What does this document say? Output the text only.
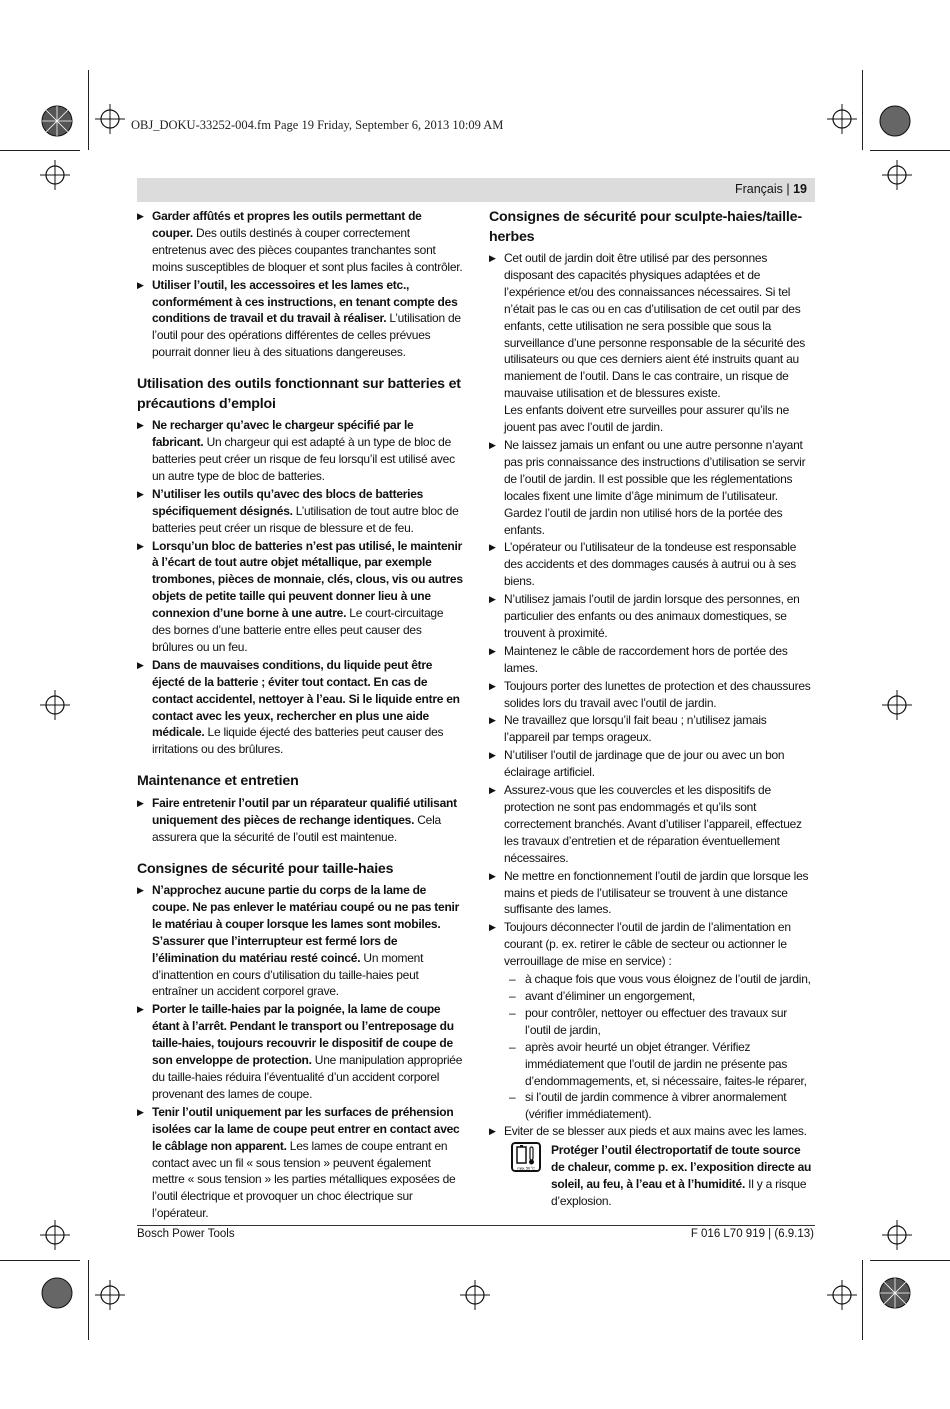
OBJ_DOKU-33252-004.fm Page 19 Friday, September 6, 2013 10:09 AM
Français | 19
▶ Garder affûtés et propres les outils permettant de couper. Des outils destinés à couper correctement entretenus avec des pièces coupantes tranchantes sont moins susceptibles de bloquer et sont plus faciles à contrôler.
▶ Utiliser l’outil, les accessoires et les lames etc., conformément à ces instructions, en tenant compte des conditions de travail et du travail à réaliser. L’utilisation de l’outil pour des opérations différentes de celles prévues pourrait donner lieu à des situations dangereuses.
Utilisation des outils fonctionnant sur batteries et précautions d’emploi
▶ Ne recharger qu’avec le chargeur spécifié par le fabricant. Un chargeur qui est adapté à un type de bloc de batteries peut créer un risque de feu lorsqu’il est utilisé avec un autre type de bloc de batteries.
▶ N’utiliser les outils qu’avec des blocs de batteries spécifiquement désignés. L’utilisation de tout autre bloc de batteries peut créer un risque de blessure et de feu.
▶ Lorsqu’un bloc de batteries n’est pas utilisé, le maintenir à l’écart de tout autre objet métallique, par exemple trombones, pièces de monnaie, clés, clous, vis ou autres objets de petite taille qui peuvent donner lieu à une connexion d’une borne à une autre. Le court-circuitage des bornes d’une batterie entre elles peut causer des brûlures ou un feu.
▶ Dans de mauvaises conditions, du liquide peut être éjecté de la batterie ; éviter tout contact. En cas de contact accidentel, nettoyer à l’eau. Si le liquide entre en contact avec les yeux, rechercher en plus une aide médicale. Le liquide éjecté des batteries peut causer des irritations ou des brûlures.
Maintenance et entretien
▶ Faire entretenir l’outil par un réparateur qualifié utilisant uniquement des pièces de rechange identiques. Cela assurera que la sécurité de l’outil est maintenue.
Consignes de sécurité pour taille-haies
▶ N’approchez aucune partie du corps de la lame de coupe. Ne pas enlever le matériau coupé ou ne pas tenir le matériau à couper lorsque les lames sont mobiles. S’assurer que l’interrupteur est fermé lors de l’élimination du matériau resté coincé. Un moment d’inattention en cours d’utilisation du taille-haies peut entraîner un accident corporel grave.
▶ Porter le taille-haies par la poignée, la lame de coupe étant à l’arrêt. Pendant le transport ou l’entreposage du taille-haies, toujours recouvrir le dispositif de coupe de son enveloppe de protection. Une manipulation appropriée du taille-haies réduira l’éventualité d’un accident corporel provenant des lames de coupe.
▶ Tenir l’outil uniquement par les surfaces de préhension isolées car la lame de coupe peut entrer en contact avec le câblage non apparent. Les lames de coupe entrant en contact avec un fil « sous tension » peuvent également mettre « sous tension » les parties métalliques exposées de l’outil électrique et provoquer un choc électrique sur l’opérateur.
Consignes de sécurité pour sculpte-haies/taille-herbes
▶ Cet outil de jardin doit être utilisé par des personnes disposant des capacités physiques adaptées et de l’expérience et/ou des connaissances nécessaires. Si tel n’était pas le cas ou en cas d’utilisation de cet outil par des enfants, cette utilisation ne sera possible que sous la surveillance d’une personne responsable de la sécurité des utilisateurs ou que ces derniers aient été instruits quant au maniement de l’outil. Dans le cas contraire, un risque de mauvaise utilisation et de blessures existe.
Les enfants doivent etre surveilles pour assurer qu’ils ne jouent pas avec l’outil de jardin.
▶ Ne laissez jamais un enfant ou une autre personne n’ayant pas pris connaissance des instructions d’utilisation se servir de l’outil de jardin. Il est possible que les réglementations locales fixent une limite d’âge minimum de l’utilisateur. Gardez l’outil de jardin non utilisé hors de la portée des enfants.
▶ L’opérateur ou l’utilisateur de la tondeuse est responsable des accidents et des dommages causés à autrui ou à ses biens.
▶ N’utilisez jamais l’outil de jardin lorsque des personnes, en particulier des enfants ou des animaux domestiques, se trouvent à proximité.
▶ Maintenez le câble de raccordement hors de portée des lames.
▶ Toujours porter des lunettes de protection et des chaussures solides lors du travail avec l’outil de jardin.
▶ Ne travaillez que lorsqu’il fait beau ; n’utilisez jamais l’appareil par temps orageux.
▶ N’utiliser l’outil de jardinage que de jour ou avec un bon éclairage artificiel.
▶ Assurez-vous que les couvercles et les dispositifs de protection ne sont pas endommagés et qu’ils sont correctement branchés. Avant d’utiliser l’appareil, effectuez les travaux d’entretien et de réparation éventuellement nécessaires.
▶ Ne mettre en fonctionnement l’outil de jardin que lorsque les mains et pieds de l’utilisateur se trouvent à une distance suffisante des lames.
▶ Toujours déconnecter l’outil de jardin de l’alimentation en courant (p. ex. retirer le câble de secteur ou actionner le verrouillage de mise en service) :
– à chaque fois que vous vous éloignez de l’outil de jardin,
– avant d’éliminer un engorgement,
– pour contrôler, nettoyer ou effectuer des travaux sur l’outil de jardin,
– après avoir heurté un objet étranger. Vérifiez immédiatement que l’outil de jardin ne présente pas d’endommagements, et, si nécessaire, faites-le réparer,
– si l’outil de jardin commence à vibrer anormalement (vérifier immédiatement).
▶ Eviter de se blesser aux pieds et aux mains avec les lames.
max. 50 °C
Protéger l’outil électroportatif de toute source de chaleur, comme p. ex. l’exposition directe au soleil, au feu, à l’eau et à l’humidité. Il y a risque d’explosion.
Bosch Power Tools	F 016 L70 919 | (6.9.13)
